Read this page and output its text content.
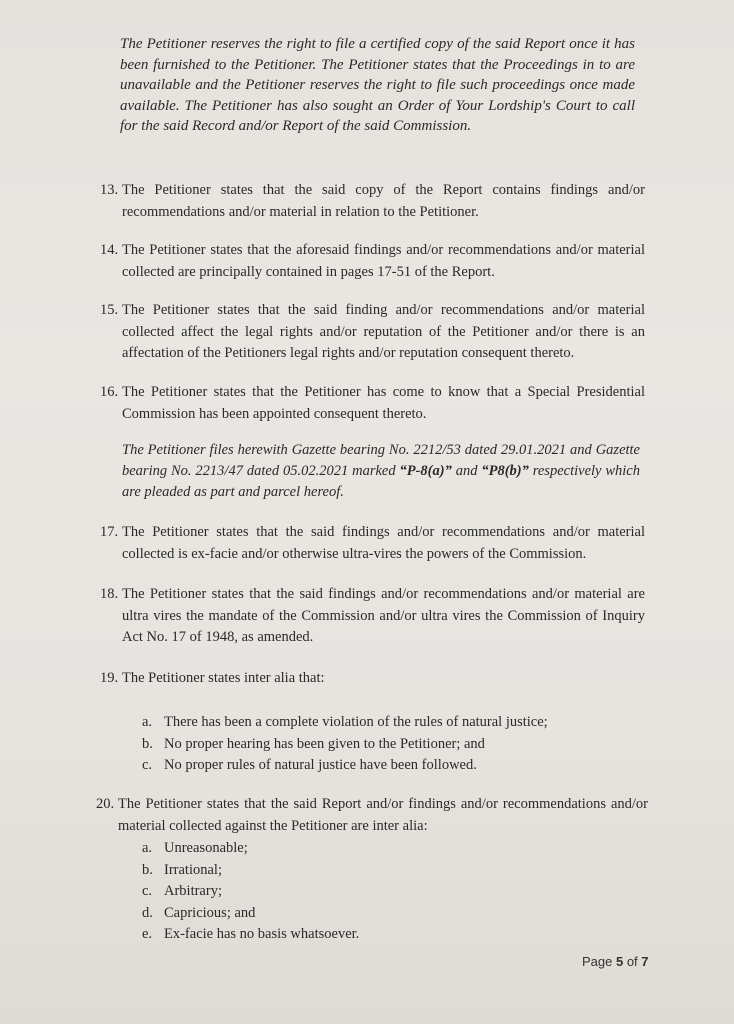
The Petitioner reserves the right to file a certified copy of the said Report once it has been furnished to the Petitioner. The Petitioner states that the Proceedings in to are unavailable and the Petitioner reserves the right to file such proceedings once made available. The Petitioner has also sought an Order of Your Lordship's Court to call for the said Record and/or Report of the said Commission.
13. The Petitioner states that the said copy of the Report contains findings and/or recommendations and/or material in relation to the Petitioner.
14. The Petitioner states that the aforesaid findings and/or recommendations and/or material collected are principally contained in pages 17-51 of the Report.
15. The Petitioner states that the said finding and/or recommendations and/or material collected affect the legal rights and/or reputation of the Petitioner and/or there is an affectation of the Petitioners legal rights and/or reputation consequent thereto.
16. The Petitioner states that the Petitioner has come to know that a Special Presidential Commission has been appointed consequent thereto.
The Petitioner files herewith Gazette bearing No. 2212/53 dated 29.01.2021 and Gazette bearing No. 2213/47 dated 05.02.2021 marked “P-8(a)” and “P8(b)” respectively which are pleaded as part and parcel hereof.
17. The Petitioner states that the said findings and/or recommendations and/or material collected is ex-facie and/or otherwise ultra-vires the powers of the Commission.
18. The Petitioner states that the said findings and/or recommendations and/or material are ultra vires the mandate of the Commission and/or ultra vires the Commission of Inquiry Act No. 17 of 1948, as amended.
19. The Petitioner states inter alia that:
a. There has been a complete violation of the rules of natural justice;
b. No proper hearing has been given to the Petitioner; and
c. No proper rules of natural justice have been followed.
20. The Petitioner states that the said Report and/or findings and/or recommendations and/or material collected against the Petitioner are inter alia:
a. Unreasonable;
b. Irrational;
c. Arbitrary;
d. Capricious; and
e. Ex-facie has no basis whatsoever.
Page 5 of 7
